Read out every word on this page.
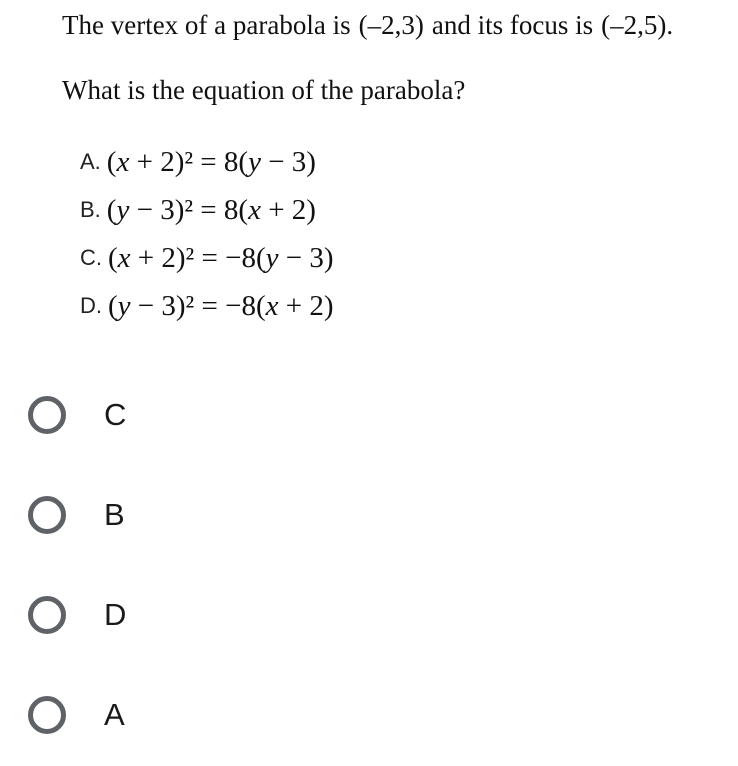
The vertex of a parabola is (–2,3) and its focus is (–2,5).
What is the equation of the parabola?
A. (x + 2)² = 8(y − 3)
B. (y − 3)² = 8(x + 2)
C. (x + 2)² = −8(y − 3)
D. (y − 3)² = −8(x + 2)
C
B
D
A
